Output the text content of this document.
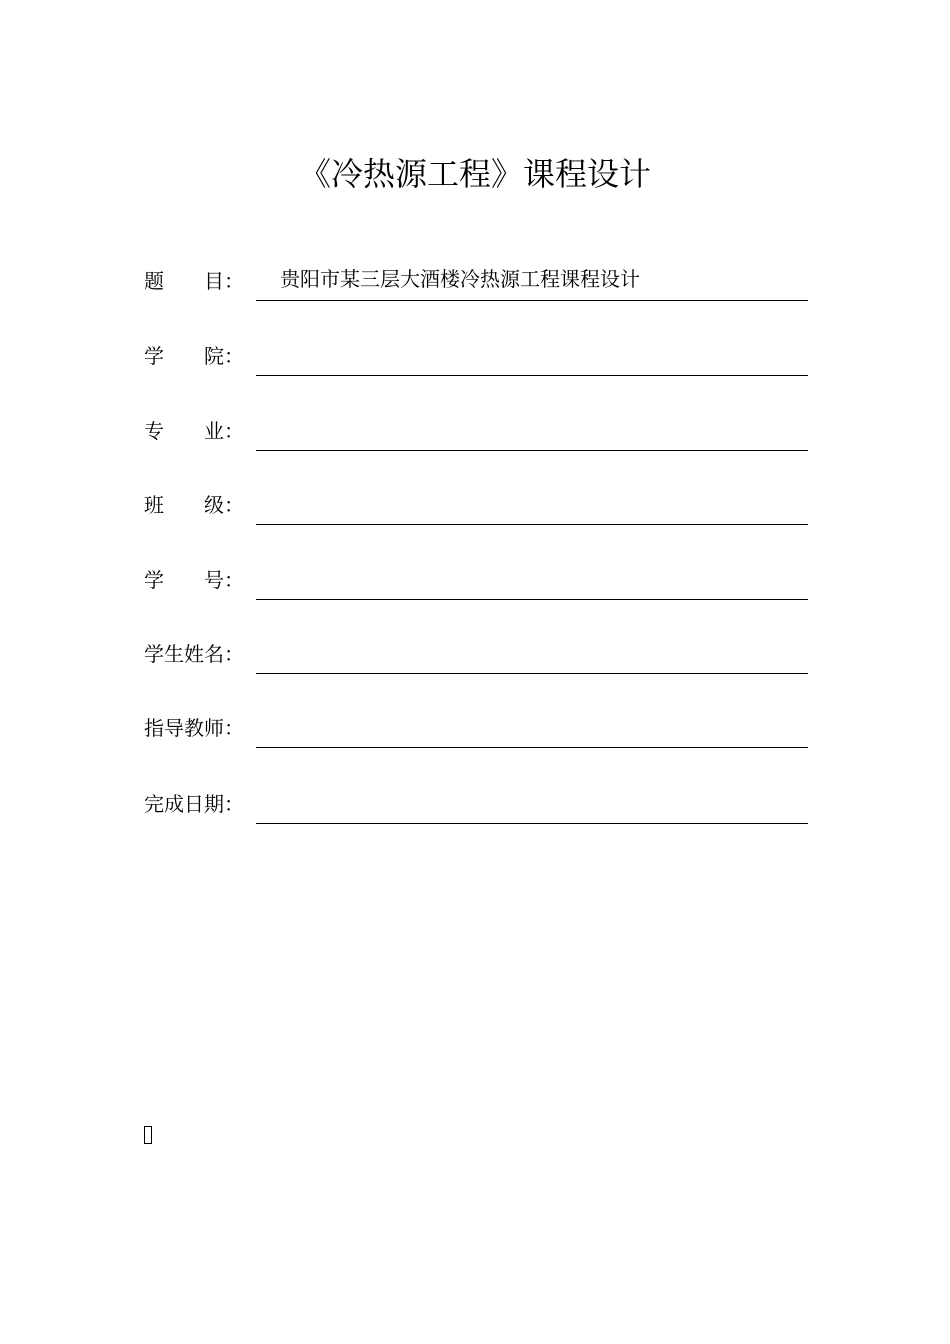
《冷热源工程》课程设计
题 目：	贵阳市某三层大酒楼冷热源工程课程设计
学 院：
专 业：
班 级：
学 号：
学生姓名：
指导教师：
完成日期：
